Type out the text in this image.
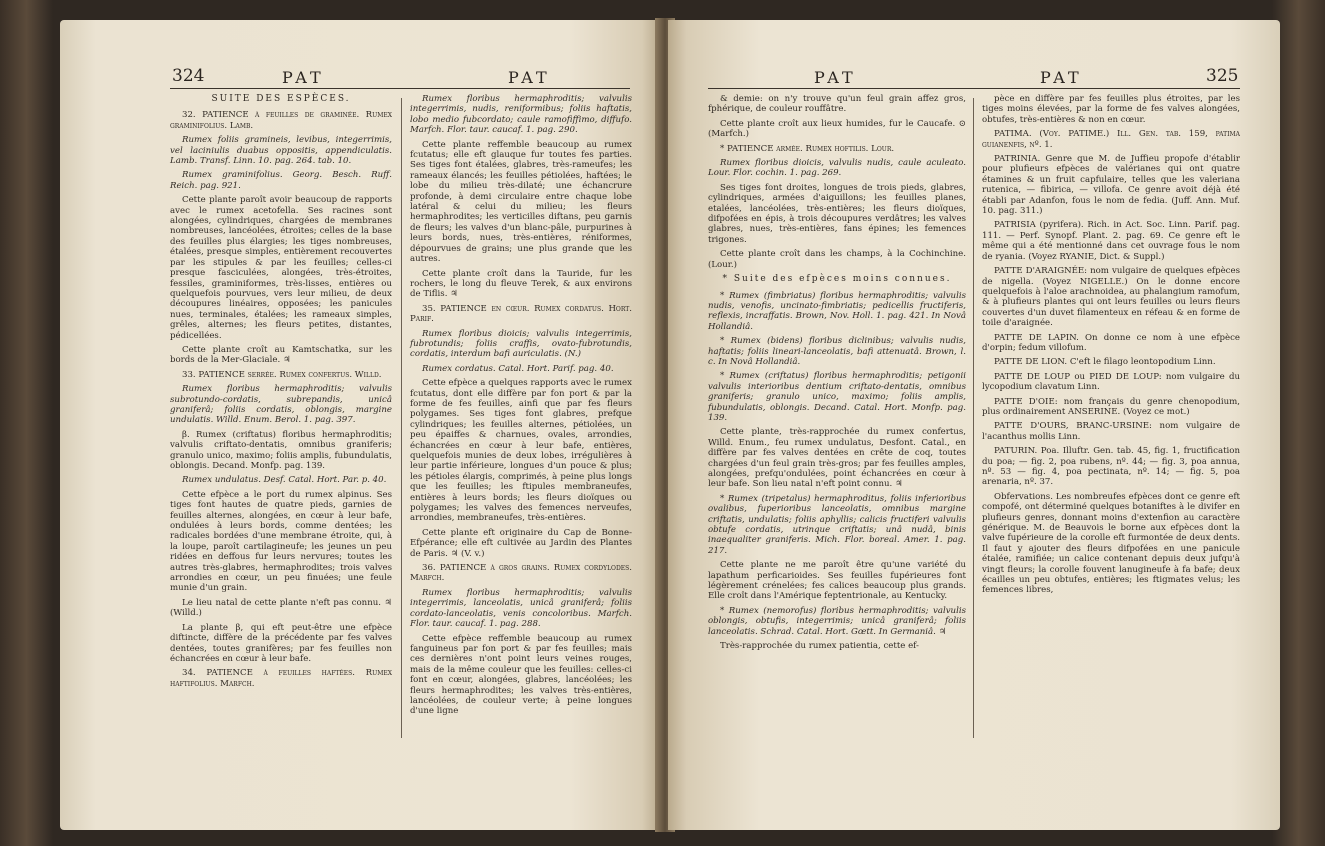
324	PAT	PAT

SUITE DES ESPÈCES.

32. PATIENCE à feuilles de graminée. Rumex graminifolius. Lamb.

Rumex foliis gramineis, levibus, integerrimis, vel laciniulis duabus oppositis, appendiculatis. Lamb. Transf. Linn. 10. pag. 264. tab. 10.

Rumex graminifolius. Georg. Besch. Ruff. Reich. pag. 921.

Cette plante paroît avoir beaucoup de rapports avec le rumex acetofella. Ses racines sont alongées, cylindriques, chargées de membranes nombreuses, lancéolées, étroites; celles de la base des feuilles plus élargies; les tiges nombreuses, étalées, presque simples, entièrement recouvertes par les stipules & par les feuilles; celles-ci presque fasciculées, alongées, très-étroites, fessiles, graminiformes, très-lisses, entières ou quelquefois pourvues, vers leur milieu, de deux découpures linéaires, opposées; les panicules nues, terminales, étalées; les rameaux simples, grêles, alternes; les fleurs petites, distantes, pédicellées.

Cette plante croît au Kamtschatka, sur les bords de la Mer-Glaciale. ♃

33. PATIENCE serrée. Rumex confertus. Willd.

Rumex floribus hermaphroditis; valvulis subrotundo-cordatis, subrepandis, unicâ graniferâ; foliis cordatis, oblongis, margine undulatis. Willd. Enum. Berol. 1. pag. 397.

β. Rumex (criftatus) floribus hermaphroditis; valvulis criftato-dentatis, omnibus graniferis; granulo unico, maximo; foliis amplis, fubundulatis, oblongis. Decand. Monfp. pag. 139.

Rumex undulatus. Desf. Catal. Hort. Par. p. 40.

Cette efpèce a le port du rumex alpinus. Ses tiges font hautes de quatre pieds, garnies de feuilles alternes, alongées, en cœur à leur bafe, ondulées à leurs bords, comme dentées; les radicales bordées d'une membrane étroite, qui, à la loupe, paroît cartilagineufe; les jeunes un peu ridées en deffous fur leurs nervures; toutes les autres très-glabres, hermaphrodites; trois valves arrondies en cœur, un peu finuées; une feule munie d'un grain.

Le lieu natal de cette plante n'eft pas connu. ♃ (Willd.)

La plante β, qui eft peut-être une efpèce diftincte, diffère de la précédente par fes valves dentées, toutes granifères; par fes feuilles non échancrées en cœur à leur bafe.

34. PATIENCE à feuilles haftées. Rumex haftifolius. Marfch.

Rumex floribus hermaphroditis; valvulis integerrimis, nudis, reniformibus; foliis haftatis, lobo medio fubcordato; caule ramofiffimo, diffufo. Marfch. Flor. taur. caucaf. 1. pag. 290.

Cette plante reffemble beaucoup au rumex fcutatus; elle eft glauque fur toutes fes parties. Ses tiges font étalées, glabres, très-rameufes; les rameaux élancés; les feuilles pétiolées, haftées; le lobe du milieu très-dilaté; une échancrure profonde, à demi circulaire entre chaque lobe latéral & celui du milieu; les fleurs hermaphrodites; les verticilles diftans, peu garnis de fleurs; les valves d'un blanc-pâle, purpurines à leurs bords, nues, très-entières, réniformes, dépourvues de grains; une plus grande que les autres.

Cette plante croît dans la Tauride, fur les rochers, le long du fleuve Terek, & aux environs de Tiflis. ♃

35. PATIENCE en cœur. Rumex cordatus. Hort. Parif.

Rumex floribus dioicis; valvulis integerrimis, fubrotundis; foliis craffis, ovato-fubrotundis, cordatis, interdum bafi auriculatis. (N.)

Rumex cordatus. Catal. Hort. Parif. pag. 40.

Cette efpèce a quelques rapports avec le rumex fcutatus, dont elle diffère par fon port & par la forme de fes feuilles, ainfi que par fes fleurs polygames. Ses tiges font glabres, prefque cylindriques; les feuilles alternes, pétiolées, un peu épaiffes & charnues, ovales, arrondies, échancrées en cœur à leur bafe, entières, quelquefois munies de deux lobes, irrégulières à leur partie inférieure, longues d'un pouce & plus; les pétioles élargis, comprimés, à peine plus longs que les feuilles; les ftipules membraneufes, entières à leurs bords; les fleurs dioïques ou polygames; les valves des femences nerveufes, arrondies, membraneufes, très-entières.

Cette plante eft originaire du Cap de Bonne-Efpérance; elle eft cultivée au Jardin des Plantes de Paris. ♃ (V. v.)

36. PATIENCE à gros grains. Rumex cordylodes. Marfch.

Rumex floribus hermaphroditis; valvulis integerrimis, lanceolatis, unicâ graniferâ; foliis cordato-lanceolatis, venis concoloribus. Marfch. Flor. taur. caucaf. 1. pag. 288.

Cette efpèce reffemble beaucoup au rumex fanguineus par fon port & par fes feuilles; mais ces dernières n'ont point leurs veines rouges, mais de la même couleur que les feuilles: celles-ci font en cœur, alongées, glabres, lancéolées; les fleurs hermaphrodites; les valves très-entières, lancéolées, de couleur verte; à peine longues d'une ligne

PAT	PAT	325

& demie: on n'y trouve qu'un feul grain affez gros, fphérique, de couleur rouffâtre.

Cette plante croît aux lieux humides, fur le Caucafe. ⊙ (Marfch.)

* PATIENCE armée. Rumex hoftilis. Lour.

Rumex floribus dioicis, valvulis nudis, caule aculeato. Lour. Flor. cochin. 1. pag. 269.

Ses tiges font droites, longues de trois pieds, glabres, cylindriques, armées d'aiguillons; les feuilles planes, etalées, lancéolées, très-entières; les fleurs dioïques, difpofées en épis, à trois découpures verdâtres; les valves glabres, nues, très-entières, fans épines; les femences trigones.

Cette plante croît dans les champs, à la Cochinchine. (Lour.)

* Suite des efpèces moins connues.

* Rumex (fimbriatus) floribus hermaphroditis; valvulis nudis, venofis, uncinato-fimbriatis; pedicellis fructiferis, reflexis, incraffatis. Brown, Nov. Holl. 1. pag. 421. In Novâ Hollandiâ.

* Rumex (bidens) floribus diclinibus; valvulis nudis, haftatis; foliis lineari-lanceolatis, bafi attenuatâ. Brown, l. c. In Novâ Hollandiâ.

* Rumex (criftatus) floribus hermaphroditis; petigonii valvulis interioribus dentium criftato-dentatis, omnibus graniferis; granulo unico, maximo; foliis amplis, fubundulatis, oblongis. Decand. Catal. Hort. Monfp. pag. 139.

Cette plante, très-rapprochée du rumex confertus, Willd. Enum., feu rumex undulatus, Desfont. Catal., en diffère par fes valves dentées en crête de coq, toutes chargées d'un feul grain très-gros; par fes feuilles amples, alongées, prefqu'ondulées, point échancrées en cœur à leur bafe. Son lieu natal n'eft point connu. ♃

* Rumex (tripetalus) hermaphroditus, foliis inferioribus ovalibus, fuperioribus lanceolatis, omnibus margine criftatis, undulatis; foliis aphyllis; calicis fructiferi valvulis obtufe cordatis, utrinque criftatis; unâ nudâ, binis inaequaliter graniferis. Mich. Flor. boreal. Amer. 1. pag. 217.

Cette plante ne me paroît être qu'une variété du lapathum perficarioides. Ses feuilles fupérieures font légèrement crénelées; fes calices beaucoup plus grands. Elle croît dans l'Amérique feptentrionale, au Kentucky.

* Rumex (nemorofus) floribus hermaphroditis; valvulis oblongis, obtufis, integerrimis; unicâ graniferâ; foliis lanceolatis. Schrad. Catal. Hort. Gœtt. In Germaniâ. ♃

Très-rapprochée du rumex patientia, cette ef-

pèce en diffère par fes feuilles plus étroites, par les tiges moins élevées, par la forme de fes valves alongées, obtufes, très-entières & non en cœur.

PATIMA. (Voy. PATIME.) Ill. Gen. tab. 159, patima guianenfis, nº. 1.

PATRINIA. Genre que M. de Juffieu propofe d'établir pour plufieurs efpèces de valérianes qui ont quatre étamines & un fruit capfulaire, telles que les valeriana rutenica, — fibirica, — villofa. Ce genre avoit déjà été établi par Adanfon, fous le nom de fedia. (Juff. Ann. Muf. 10. pag. 311.)

PATRISIA (pyrifera). Rich. in Act. Soc. Linn. Parif. pag. 111. — Perf. Synopf. Plant. 2. pag. 69. Ce genre eft le même qui a été mentionné dans cet ouvrage fous le nom de ryania. (Voyez RYANIE, Dict. & Suppl.)

PATTE D'ARAIGNÉE: nom vulgaire de quelques efpèces de nigella. (Voyez NIGELLE.) On le donne encore quelquefois à l'aloe arachnoidea, au phalangium ramofum, & à plufieurs plantes qui ont leurs feuilles ou leurs fleurs couvertes d'un duvet filamenteux en réfeau & en forme de toile d'araignée.

PATTE DE LAPIN. On donne ce nom à une efpèce d'orpin; fedum villofum.

PATTE DE LION. C'eft le filago leontopodium Linn.

PATTE DE LOUP ou PIED DE LOUP: nom vulgaire du lycopodium clavatum Linn.

PATTE D'OIE: nom français du genre chenopodium, plus ordinairement ANSERINE. (Voyez ce mot.)

PATTE D'OURS, BRANC-URSINE: nom vulgaire de l'acanthus mollis Linn.

PATURIN. Poa. Illuftr. Gen. tab. 45, fig. 1, fructification du poa; — fig. 2, poa rubens, nº. 44; — fig. 3, poa annua, nº. 53 — fig. 4, poa pectinata, nº. 14; — fig. 5, poa arenaria, nº. 37.

Obfervations. Les nombreufes efpèces dont ce genre eft compofé, ont déterminé quelques botaniftes à le divifer en plufieurs genres, donnant moins d'extenfion au caractère générique. M. de Beauvois le borne aux efpèces dont la valve fupérieure de la corolle eft furmontée de deux dents. Il faut y ajouter des fleurs difpofées en une panicule étalée, ramifiée; un calice contenant depuis deux jufqu'à vingt fleurs; la corolle fouvent lanugineufe à fa bafe; deux écailles un peu obtufes, entières; les ftigmates velus; les femences libres,
